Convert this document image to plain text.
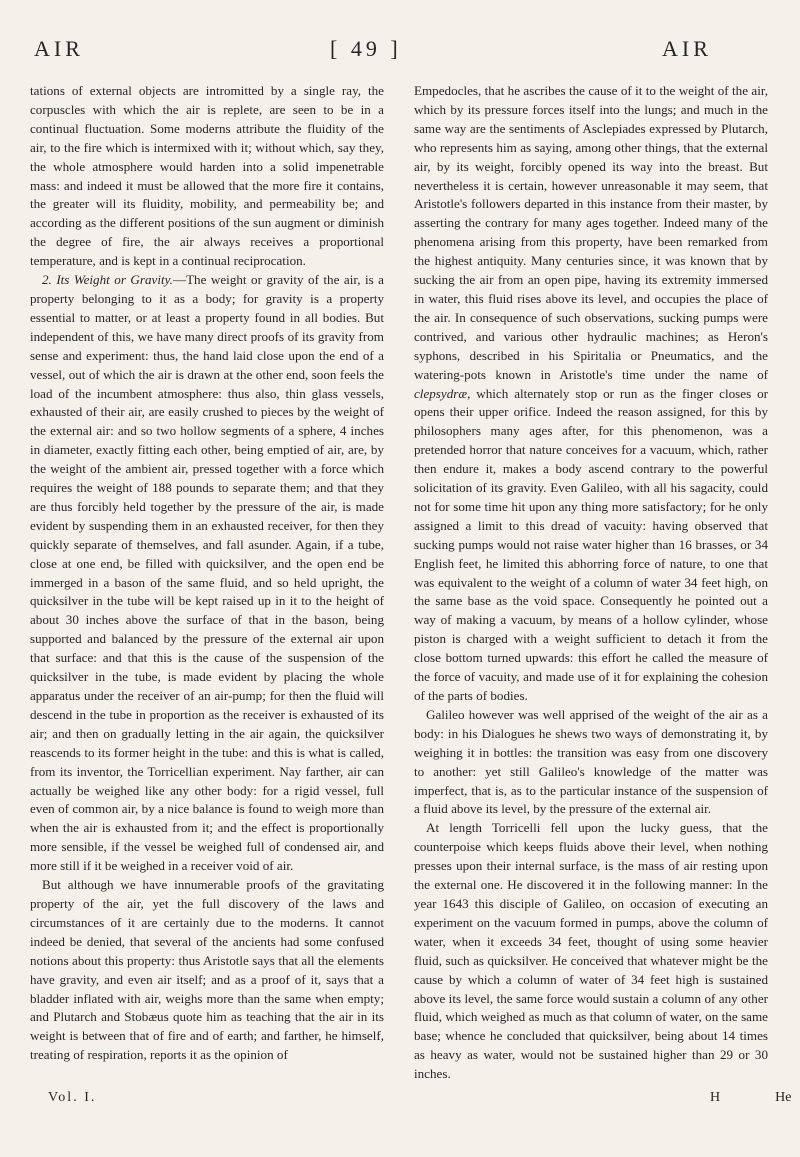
AIR	[ 49 ]	AIR

tations of external objects are intromitted by a single ray, the corpuscles with which the air is replete, are seen to be in a continual fluctuation. Some moderns attribute the fluidity of the air, to the fire which is intermixed with it; without which, say they, the whole atmosphere would harden into a solid impenetrable mass: and indeed it must be allowed that the more fire it contains, the greater will its fluidity, mobility, and permeability be; and according as the different positions of the sun augment or diminish the degree of fire, the air always receives a proportional temperature, and is kept in a continual reciprocation.

2. Its Weight or Gravity.—The weight or gravity of the air, is a property belonging to it as a body; for gravity is a property essential to matter, or at least a property found in all bodies. But independent of this, we have many direct proofs of its gravity from sense and experiment: thus, the hand laid close upon the end of a vessel, out of which the air is drawn at the other end, soon feels the load of the incumbent atmosphere: thus also, thin glass vessels, exhausted of their air, are easily crushed to pieces by the weight of the external air: and so two hollow segments of a sphere, 4 inches in diameter, exactly fitting each other, being emptied of air, are, by the weight of the ambient air, pressed together with a force which requires the weight of 188 pounds to separate them; and that they are thus forcibly held together by the pressure of the air, is made evident by suspending them in an exhausted receiver, for then they quickly separate of themselves, and fall asunder. Again, if a tube, close at one end, be filled with quicksilver, and the open end be immerged in a bason of the same fluid, and so held upright, the quicksilver in the tube will be kept raised up in it to the height of about 30 inches above the surface of that in the bason, being supported and balanced by the pressure of the external air upon that surface: and that this is the cause of the suspension of the quicksilver in the tube, is made evident by placing the whole apparatus under the receiver of an air-pump; for then the fluid will descend in the tube in proportion as the receiver is exhausted of its air; and then on gradually letting in the air again, the quicksilver reascends to its former height in the tube: and this is what is called, from its inventor, the Torricellian experiment. Nay farther, air can actually be weighed like any other body: for a rigid vessel, full even of common air, by a nice balance is found to weigh more than when the air is exhausted from it; and the effect is proportionally more sensible, if the vessel be weighed full of condensed air, and more still if it be weighed in a receiver void of air.

But although we have innumerable proofs of the gravitating property of the air, yet the full discovery of the laws and circumstances of it are certainly due to the moderns. It cannot indeed be denied, that several of the ancients had some confused notions about this property: thus Aristotle says that all the elements have gravity, and even air itself; and as a proof of it, says that a bladder inflated with air, weighs more than the same when empty; and Plutarch and Stobæus quote him as teaching that the air in its weight is between that of fire and of earth; and farther, he himself, treating of respiration, reports it as the opinion of

Empedocles, that he ascribes the cause of it to the weight of the air, which by its pressure forces itself into the lungs; and much in the same way are the sentiments of Asclepiades expressed by Plutarch, who represents him as saying, among other things, that the external air, by its weight, forcibly opened its way into the breast. But nevertheless it is certain, however unreasonable it may seem, that Aristotle's followers departed in this instance from their master, by asserting the contrary for many ages together. Indeed many of the phenomena arising from this property, have been remarked from the highest antiquity. Many centuries since, it was known that by sucking the air from an open pipe, having its extremity immersed in water, this fluid rises above its level, and occupies the place of the air. In consequence of such observations, sucking pumps were contrived, and various other hydraulic machines; as Heron's syphons, described in his Spiritalia or Pneumatics, and the watering-pots known in Aristotle's time under the name of clepsydræ, which alternately stop or run as the finger closes or opens their upper orifice. Indeed the reason assigned, for this by philosophers many ages after, for this phenomenon, was a pretended horror that nature conceives for a vacuum, which, rather then endure it, makes a body ascend contrary to the powerful solicitation of its gravity. Even Galileo, with all his sagacity, could not for some time hit upon any thing more satisfactory; for he only assigned a limit to this dread of vacuity: having observed that sucking pumps would not raise water higher than 16 brasses, or 34 English feet, he limited this abhorring force of nature, to one that was equivalent to the weight of a column of water 34 feet high, on the same base as the void space. Consequently he pointed out a way of making a vacuum, by means of a hollow cylinder, whose piston is charged with a weight sufficient to detach it from the close bottom turned upwards: this effort he called the measure of the force of vacuity, and made use of it for explaining the cohesion of the parts of bodies.

Galileo however was well apprised of the weight of the air as a body: in his Dialogues he shews two ways of demonstrating it, by weighing it in bottles: the transition was easy from one discovery to another: yet still Galileo's knowledge of the matter was imperfect, that is, as to the particular instance of the suspension of a fluid above its level, by the pressure of the external air.

At length Torricelli fell upon the lucky guess, that the counterpoise which keeps fluids above their level, when nothing presses upon their internal surface, is the mass of air resting upon the external one. He discovered it in the following manner: In the year 1643 this disciple of Galileo, on occasion of executing an experiment on the vacuum formed in pumps, above the column of water, when it exceeds 34 feet, thought of using some heavier fluid, such as quicksilver. He conceived that whatever might be the cause by which a column of water of 34 feet high is sustained above its level, the same force would sustain a column of any other fluid, which weighed as much as that column of water, on the same base; whence he concluded that quicksilver, being about 14 times as heavy as water, would not be sustained higher than 29 or 30 inches.

Vol. I.	H	He
